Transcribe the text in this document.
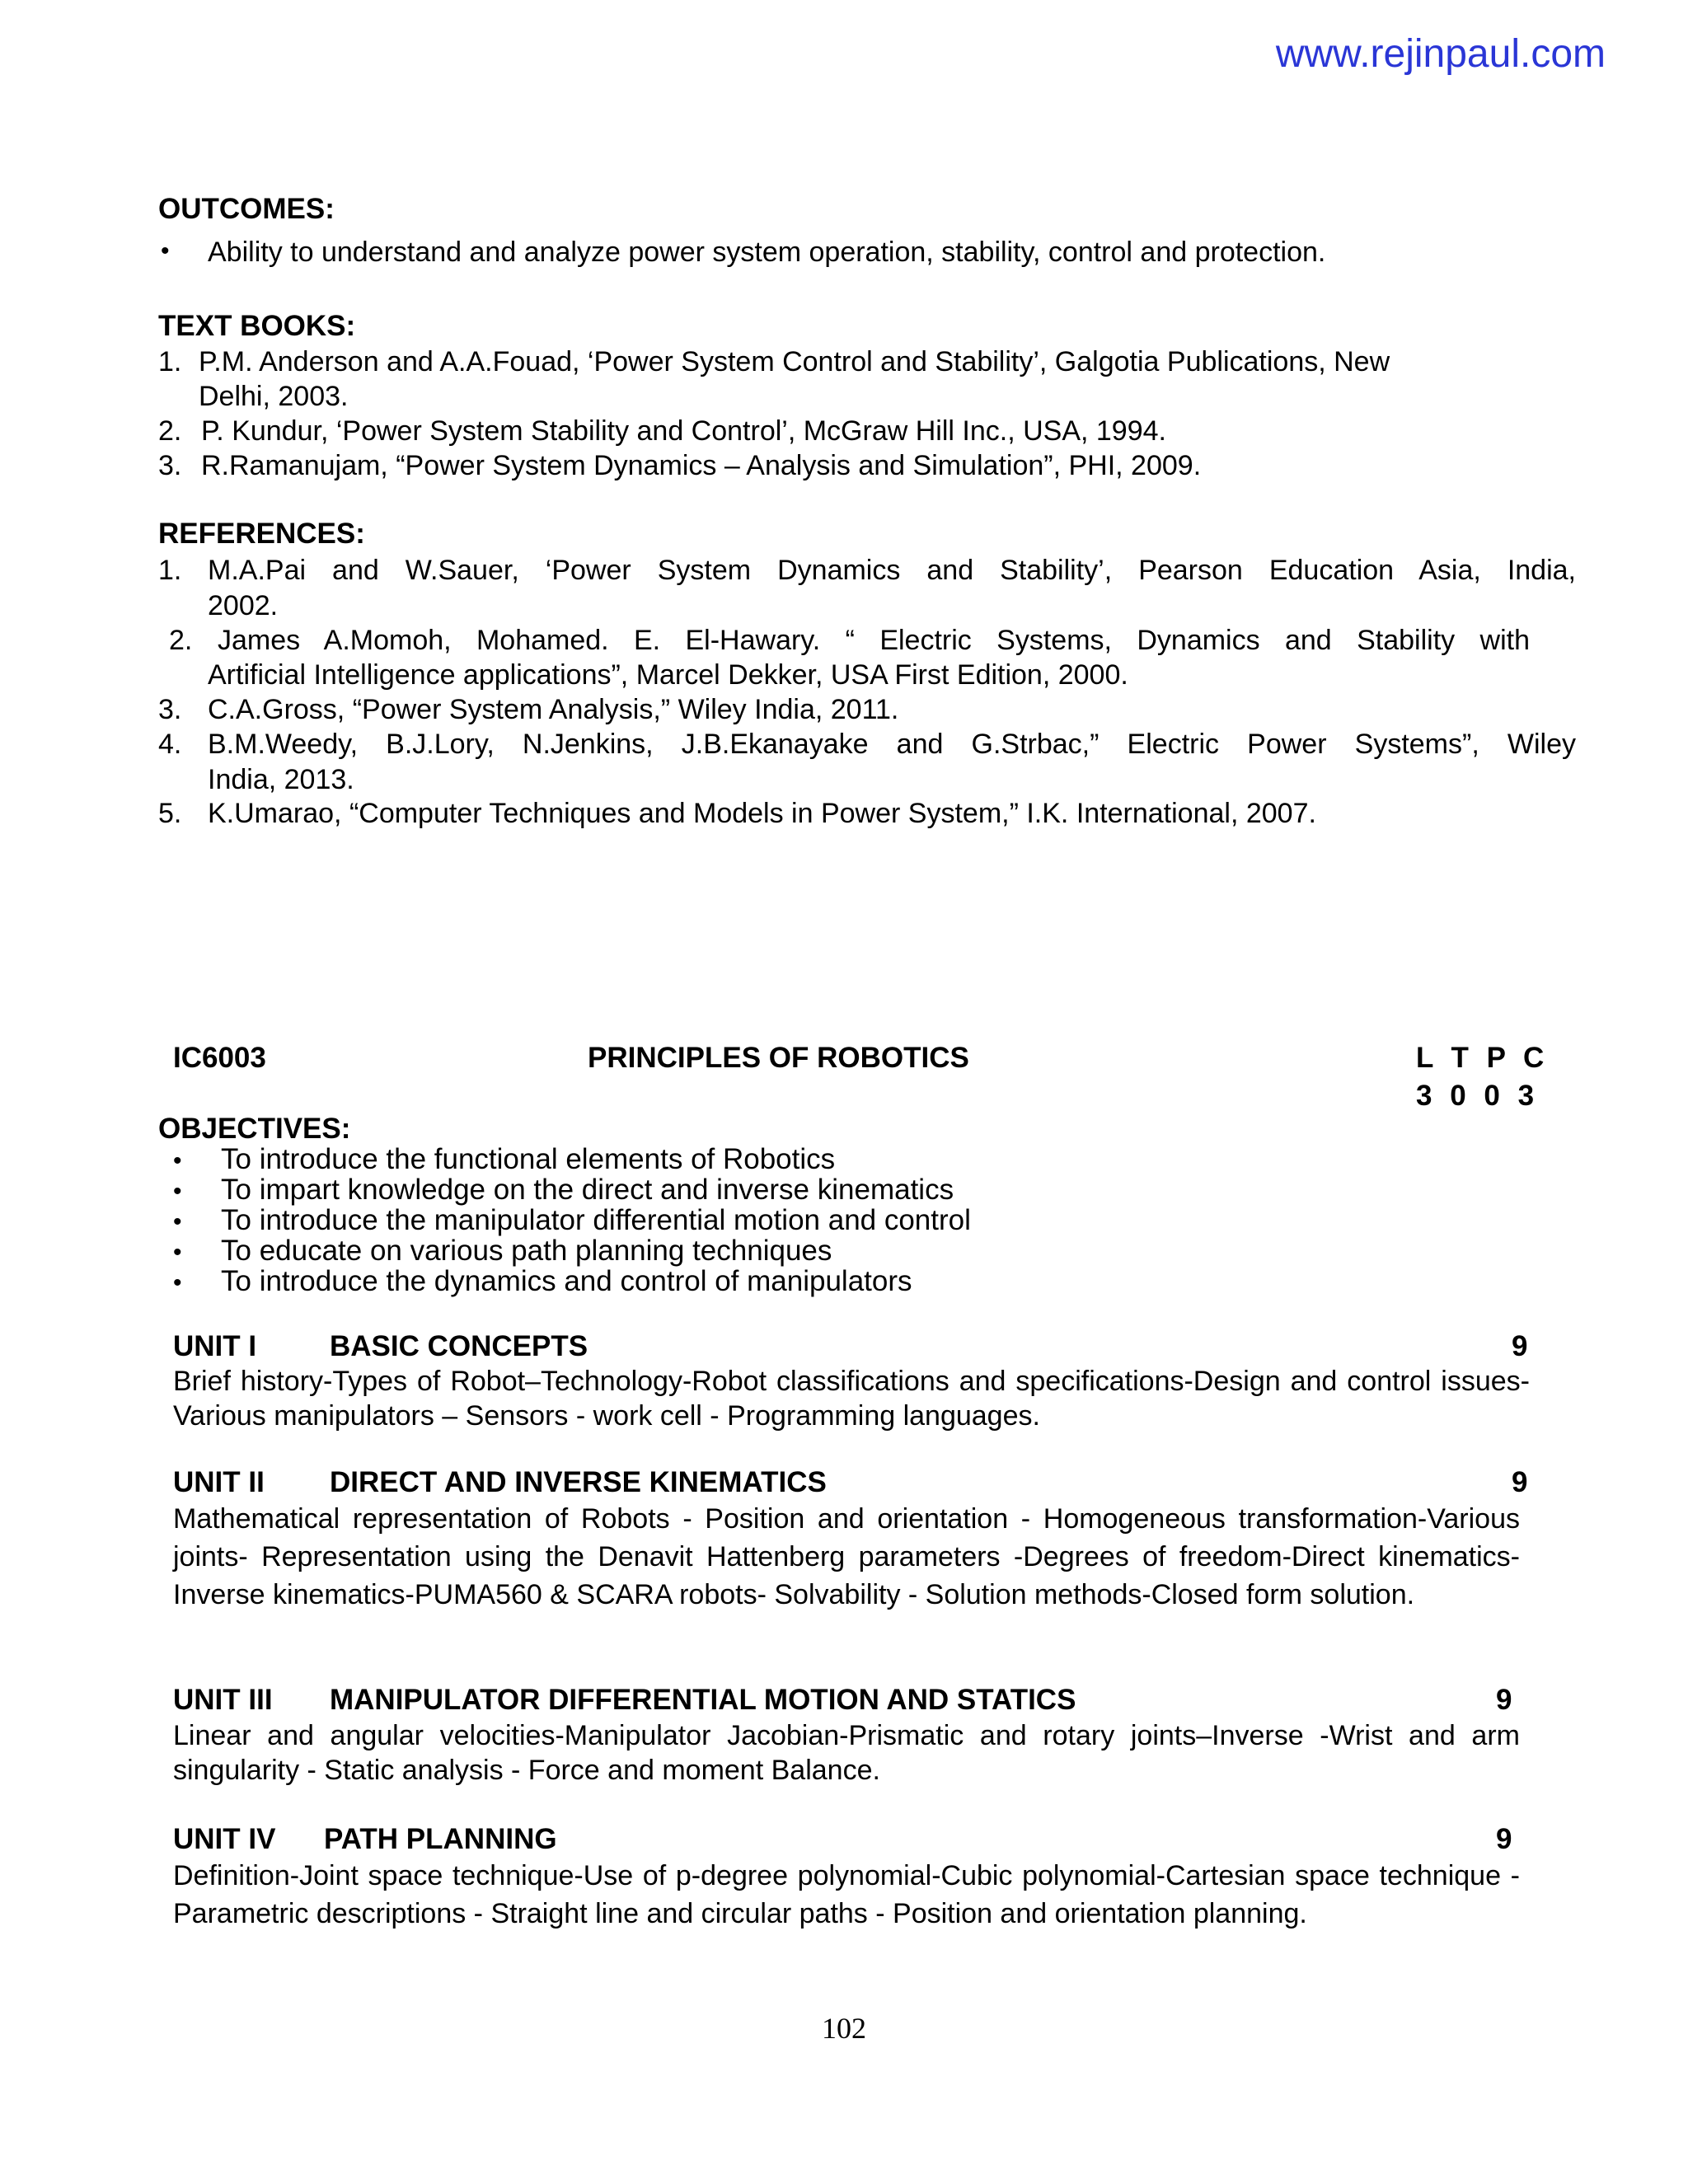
www.rejinpaul.com
OUTCOMES:
• Ability to understand and analyze power system operation, stability, control and protection.
TEXT BOOKS:
1. P.M. Anderson and A.A.Fouad, ‘Power System Control and Stability’, Galgotia Publications, New
Delhi, 2003.
2. P. Kundur, ‘Power System Stability and Control’, McGraw Hill Inc., USA, 1994.
3. R.Ramanujam, “Power System Dynamics – Analysis and Simulation”, PHI, 2009.
REFERENCES:
1. M.A.Pai and W.Sauer, ‘Power System Dynamics and Stability’, Pearson Education Asia, India,
2002.
2. James A.Momoh, Mohamed. E. El-Hawary. “ Electric Systems, Dynamics and Stability with
Artificial Intelligence applications”, Marcel Dekker, USA First Edition, 2000.
3. C.A.Gross, “Power System Analysis,” Wiley India, 2011.
4. B.M.Weedy, B.J.Lory, N.Jenkins, J.B.Ekanayake and G.Strbac,” Electric Power Systems”, Wiley
India, 2013.
5. K.Umarao, “Computer Techniques and Models in Power System,” I.K. International, 2007.
IC6003	PRINCIPLES OF ROBOTICS	L T P C
3 0 0 3
OBJECTIVES:
• To introduce the functional elements of Robotics
• To impart knowledge on the direct and inverse kinematics
• To introduce the manipulator differential motion and control
• To educate on various path planning techniques
• To introduce the dynamics and control of manipulators
UNIT I	BASIC CONCEPTS	9
Brief history-Types of Robot–Technology-Robot classifications and specifications-Design and control issues- Various manipulators – Sensors - work cell - Programming languages.
UNIT II DIRECT AND INVERSE KINEMATICS	9
Mathematical representation of Robots - Position and orientation - Homogeneous transformation-Various joints- Representation using the Denavit Hattenberg parameters -Degrees of freedom-Direct kinematics-Inverse kinematics-PUMA560 & SCARA robots- Solvability - Solution methods-Closed form solution.
UNIT III MANIPULATOR DIFFERENTIAL MOTION AND STATICS	9
Linear and angular velocities-Manipulator Jacobian-Prismatic and rotary joints–Inverse -Wrist and arm singularity - Static analysis - Force and moment Balance.
UNIT IV PATH PLANNING	9
Definition-Joint space technique-Use of p-degree polynomial-Cubic polynomial-Cartesian space technique - Parametric descriptions - Straight line and circular paths - Position and orientation planning.
102
